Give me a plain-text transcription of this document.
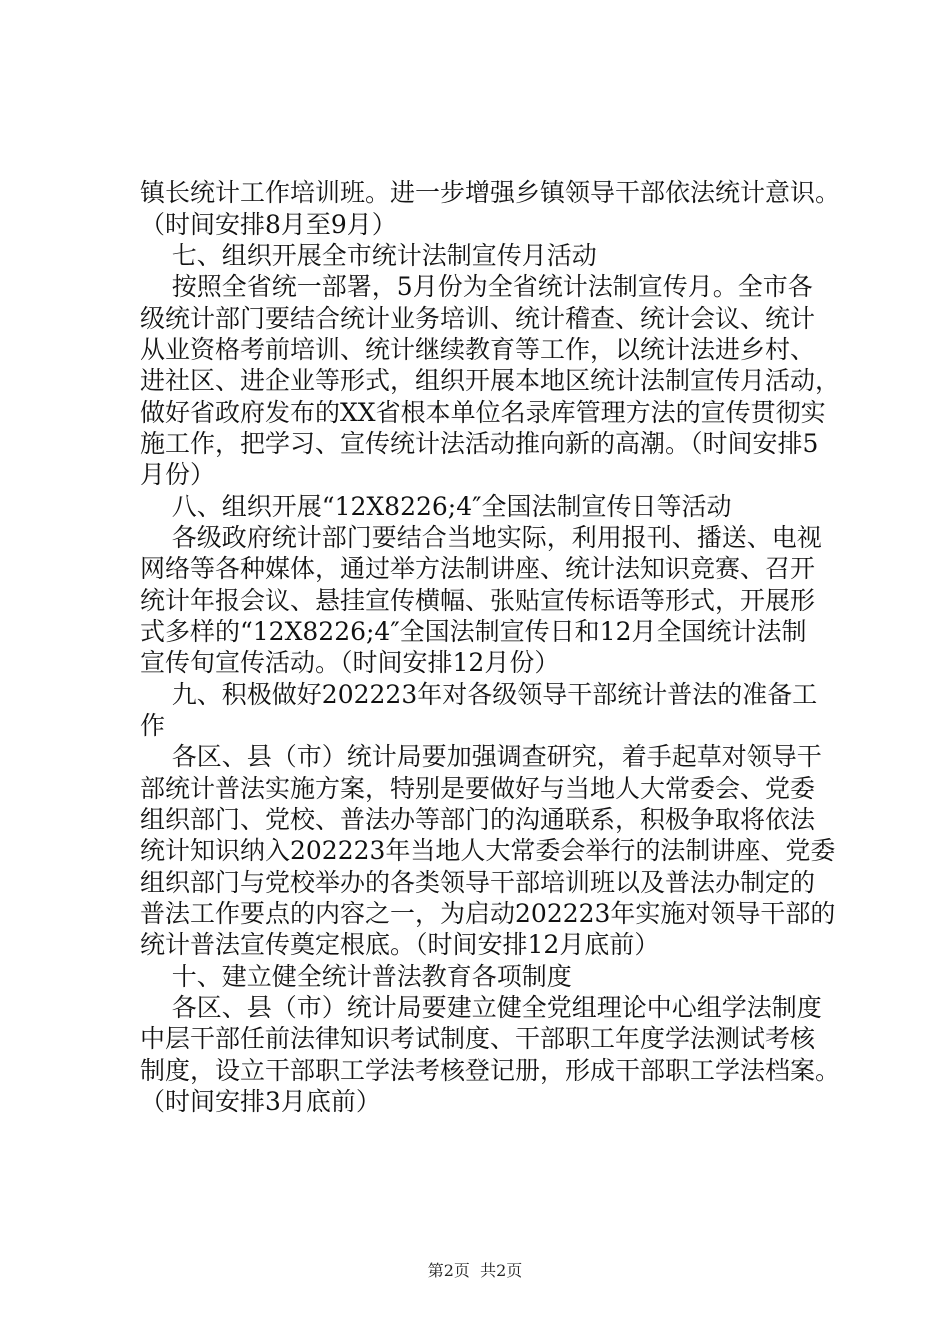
镇长统计工作培训班。进一步增强乡镇领导干部依法统计意识。
（时间安排8月至9月）
七、组织开展全市统计法制宣传月活动
按照全省统一部署，5月份为全省统计法制宣传月。全市各
级统计部门要结合统计业务培训、统计稽查、统计会议、统计
从业资格考前培训、统计继续教育等工作，以统计法进乡村、
进社区、进企业等形式，组织开展本地区统计法制宣传月活动，
做好省政府发布的XX省根本单位名录库管理方法的宣传贯彻实
施工作，把学习、宣传统计法活动推向新的高潮。（时间安排5
月份）
八、组织开展“12X8226;4″全国法制宣传日等活动
各级政府统计部门要结合当地实际，利用报刊、播送、电视
网络等各种媒体，通过举方法制讲座、统计法知识竞赛、召开
统计年报会议、悬挂宣传横幅、张贴宣传标语等形式，开展形
式多样的“12X8226;4″全国法制宣传日和12月全国统计法制
宣传旬宣传活动。（时间安排12月份）
九、积极做好202223年对各级领导干部统计普法的准备工
作
各区、县（市）统计局要加强调查研究，着手起草对领导干
部统计普法实施方案，特别是要做好与当地人大常委会、党委
组织部门、党校、普法办等部门的沟通联系，积极争取将依法
统计知识纳入202223年当地人大常委会举行的法制讲座、党委
组织部门与党校举办的各类领导干部培训班以及普法办制定的
普法工作要点的内容之一，为启动202223年实施对领导干部的
统计普法宣传奠定根底。（时间安排12月底前）
十、建立健全统计普法教育各项制度
各区、县（市）统计局要建立健全党组理论中心组学法制度
中层干部任前法律知识考试制度、干部职工年度学法测试考核
制度，设立干部职工学法考核登记册，形成干部职工学法档案。
（时间安排3月底前）
第2页  共2页
